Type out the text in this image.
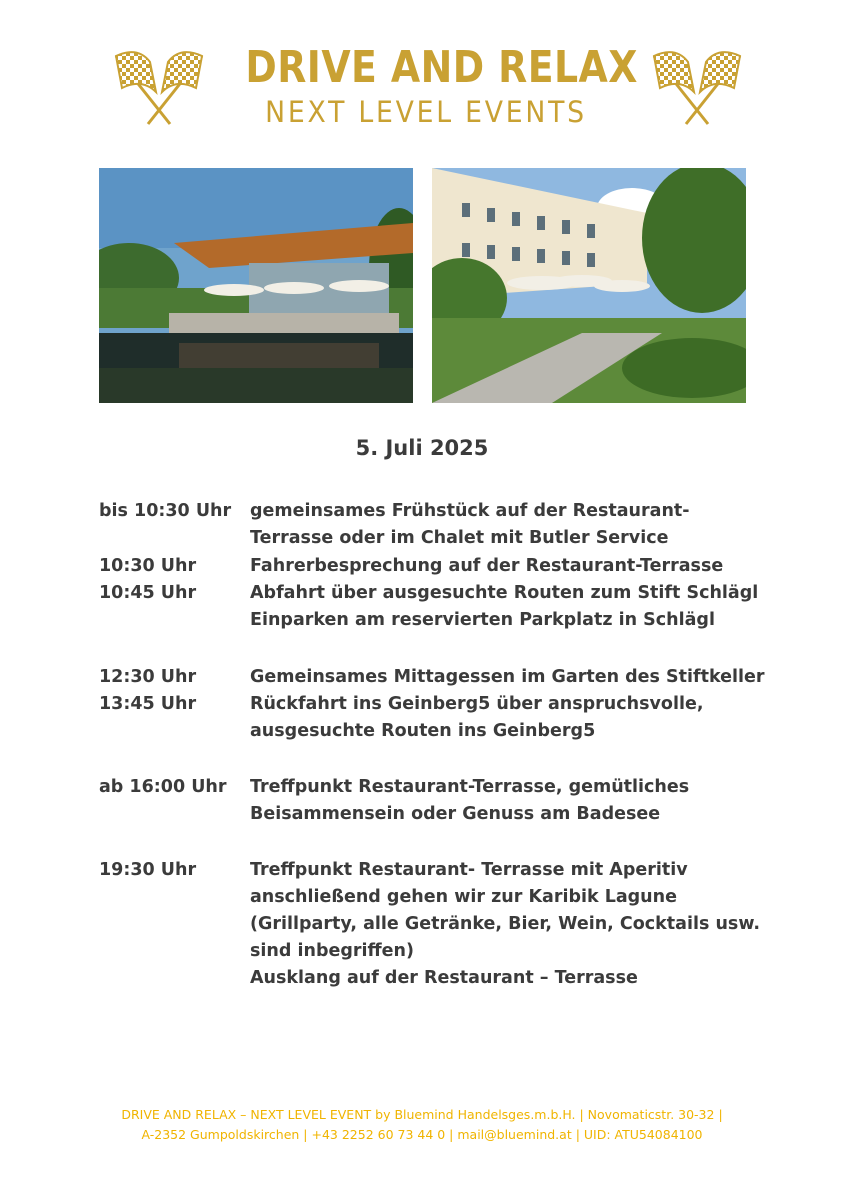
DRIVE AND RELAX
NEXT LEVEL EVENTS
5. Juli 2025
bis 10:30 Uhr gemeinsames Frühstück auf der Restaurant-
Terrasse oder im Chalet mit Butler Service
10:30 Uhr	Fahrerbesprechung auf der Restaurant-Terrasse
10:45 Uhr	Abfahrt über ausgesuchte Routen zum Stift Schlägl
Einparken am reservierten Parkplatz in Schlägl
12:30 Uhr	Gemeinsames Mittagessen im Garten des Stiftkeller
13:45 Uhr	Rückfahrt ins Geinberg5 über anspruchsvolle,
ausgesuchte Routen ins Geinberg5
ab 16:00 Uhr Treffpunkt Restaurant-Terrasse, gemütliches
Beisammensein oder Genuss am Badesee
19:30 Uhr	Treffpunkt Restaurant- Terrasse mit Aperitiv
anschließend gehen wir zur Karibik Lagune
(Grillparty, alle Getränke, Bier, Wein, Cocktails usw.
sind inbegriffen)
Ausklang auf der Restaurant – Terrasse
DRIVE AND RELAX – NEXT LEVEL EVENT by Bluemind Handelsges.m.b.H. | Novomaticstr. 30-32 |
A-2352 Gumpoldskirchen | +43 2252 60 73 44 0 | mail@bluemind.at | UID: ATU54084100
